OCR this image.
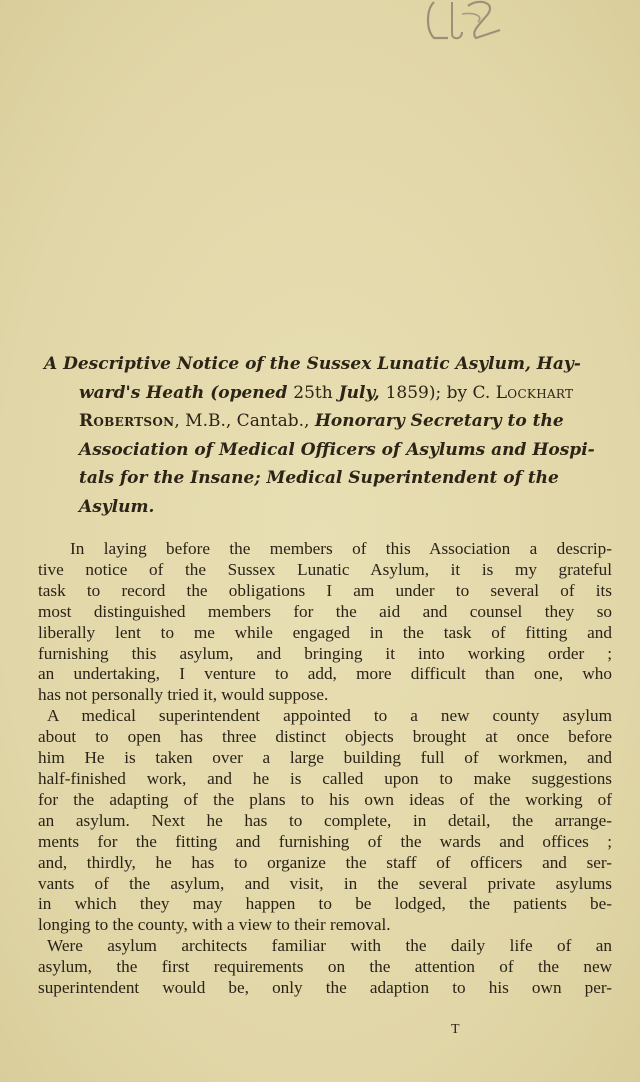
A Descriptive Notice of the Sussex Lunatic Asylum, Hay-
ward's Heath (opened 25th July, 1859); by C. Lockhart
Robertson, M.B., Cantab., Honorary Secretary to the
Association of Medical Officers of Asylums and Hospi-
tals for the Insane; Medical Superintendent of the
Asylum.
In laying before the members of this Association a descrip-
tive notice of the Sussex Lunatic Asylum, it is my grateful
task to record the obligations I am under to several of its
most distinguished members for the aid and counsel they so
liberally lent to me while engaged in the task of fitting and
furnishing this asylum, and bringing it into working order ;
an undertaking, I venture to add, more difficult than one, who
has not personally tried it, would suppose.
A medical superintendent appointed to a new county asylum
about to open has three distinct objects brought at once before
him He is taken over a large building full of workmen, and
half-finished work, and he is called upon to make suggestions
for the adapting of the plans to his own ideas of the working of
an asylum. Next he has to complete, in detail, the arrange-
ments for the fitting and furnishing of the wards and offices ;
and, thirdly, he has to organize the staff of officers and ser-
vants of the asylum, and visit, in the several private asylums
in which they may happen to be lodged, the patients be-
longing to the county, with a view to their removal.
Were asylum architects familiar with the daily life of an
asylum, the first requirements on the attention of the new
superintendent would be, only the adaption to his own per-
T
